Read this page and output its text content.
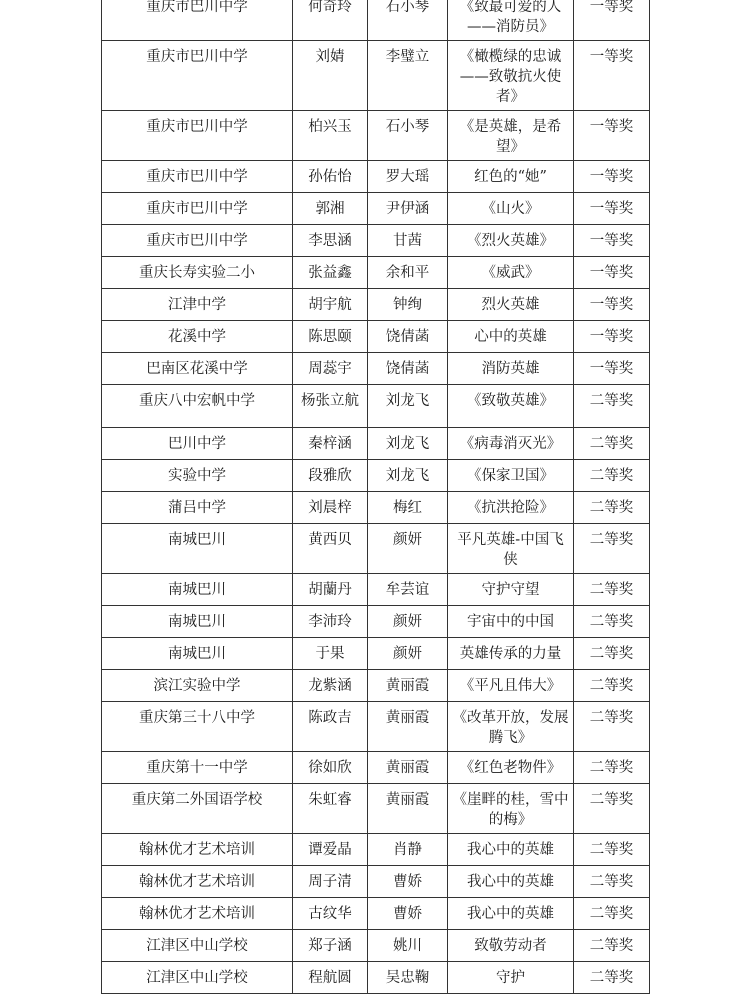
重庆市巴川中学	何奇玲	石小琴	《致最可爱的人——消防员》	一等奖
重庆市巴川中学	刘婧	李璧立	《橄榄绿的忠诚——致敬抗火使者》	一等奖
重庆市巴川中学	柏兴玉	石小琴	《是英雄，是希望》	一等奖
重庆市巴川中学	孙佑怡	罗大瑶	红色的“她”	一等奖
重庆市巴川中学	郭湘	尹伊涵	《山火》	一等奖
重庆市巴川中学	李思涵	甘茜	《烈火英雄》	一等奖
重庆长寿实验二小	张益鑫	余和平	《威武》	一等奖
江津中学	胡宇航	钟绚	烈火英雄	一等奖
花溪中学	陈思颐	饶倩菡	心中的英雄	一等奖
巴南区花溪中学	周蕊宇	饶倩菡	消防英雄	一等奖
重庆八中宏帆中学	杨张立航	刘龙飞	《致敬英雄》	二等奖
巴川中学	秦梓涵	刘龙飞	《病毒消灭光》	二等奖
实验中学	段雅欣	刘龙飞	《保家卫国》	二等奖
蒲吕中学	刘晨梓	梅红	《抗洪抢险》	二等奖
南城巴川	黄西贝	颜妍	平凡英雄-中国飞侠	二等奖
南城巴川	胡蘭丹	牟芸谊	守护守望	二等奖
南城巴川	李沛玲	颜妍	宇宙中的中国	二等奖
南城巴川	于果	颜妍	英雄传承的力量	二等奖
滨江实验中学	龙紫涵	黄丽霞	《平凡且伟大》	二等奖
重庆第三十八中学	陈政吉	黄丽霞	《改革开放，发展腾飞》	二等奖
重庆第十一中学	徐如欣	黄丽霞	《红色老物件》	二等奖
重庆第二外国语学校	朱虹睿	黄丽霞	《崖畔的桂，雪中的梅》	二等奖
翰林优才艺术培训	谭爱晶	肖静	我心中的英雄	二等奖
翰林优才艺术培训	周子清	曹娇	我心中的英雄	二等奖
翰林优才艺术培训	古纹华	曹娇	我心中的英雄	二等奖
江津区中山学校	郑子涵	姚川	致敬劳动者	二等奖
江津区中山学校	程航圆	吴忠鞠	守护	二等奖
